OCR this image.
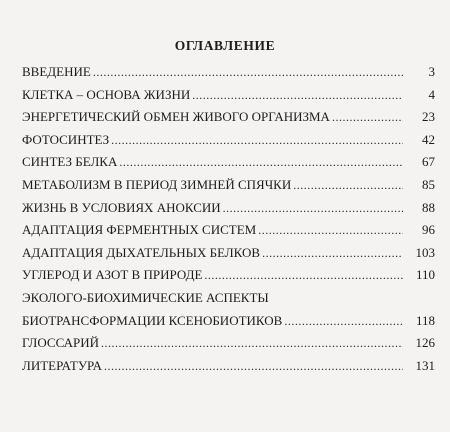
ОГЛАВЛЕНИЕ
ВВЕДЕНИЕ .....	3
КЛЕТКА – ОСНОВА ЖИЗНИ .....	4
ЭНЕРГЕТИЧЕСКИЙ ОБМЕН ЖИВОГО ОРГАНИЗМА .....	23
ФОТОСИНТЕЗ .....	42
СИНТЕЗ БЕЛКА .....	67
МЕТАБОЛИЗМ В ПЕРИОД ЗИМНЕЙ СПЯЧКИ .....	85
ЖИЗНЬ В УСЛОВИЯХ АНОКСИИ .....	88
АДАПТАЦИЯ ФЕРМЕНТНЫХ СИСТЕМ .....	96
АДАПТАЦИЯ ДЫХАТЕЛЬНЫХ БЕЛКОВ .....	103
УГЛЕРОД И АЗОТ В ПРИРОДЕ .....	110
ЭКОЛОГО-БИОХИМИЧЕСКИЕ АСПЕКТЫ
БИОТРАНСФОРМАЦИИ КСЕНОБИОТИКОВ .....	118
ГЛОССАРИЙ .....	126
ЛИТЕРАТУРА .....	131
